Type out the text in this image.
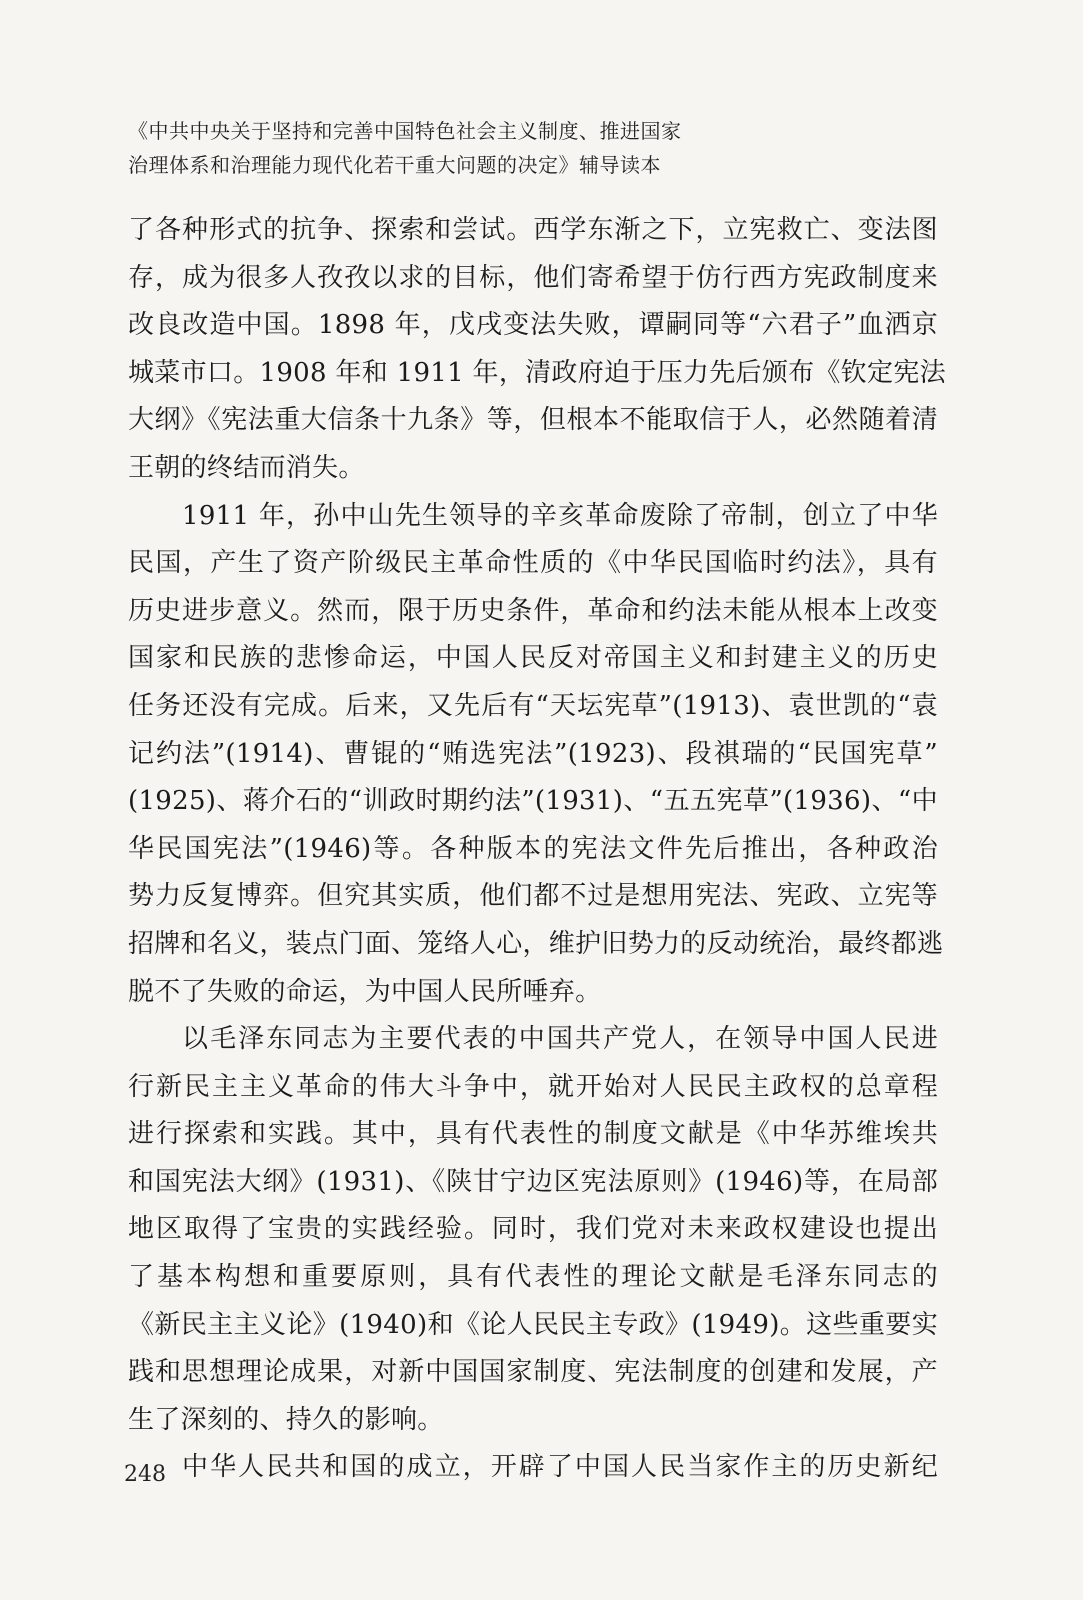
《中共中央关于坚持和完善中国特色社会主义制度、推进国家
治理体系和治理能力现代化若干重大问题的决定》辅导读本
了各种形式的抗争、探索和尝试。西学东渐之下，立宪救亡、变法图
存，成为很多人孜孜以求的目标，他们寄希望于仿行西方宪政制度来
改良改造中国。1898 年，戊戌变法失败，谭嗣同等“六君子”血洒京
城菜市口。1908 年和 1911 年，清政府迫于压力先后颁布《钦定宪法
大纲》《宪法重大信条十九条》等，但根本不能取信于人，必然随着清
王朝的终结而消失。
1911 年，孙中山先生领导的辛亥革命废除了帝制，创立了中华
民国，产生了资产阶级民主革命性质的《中华民国临时约法》，具有
历史进步意义。然而，限于历史条件，革命和约法未能从根本上改变
国家和民族的悲惨命运，中国人民反对帝国主义和封建主义的历史
任务还没有完成。后来，又先后有“天坛宪草”(1913)、袁世凯的“袁
记约法”(1914)、曹锟的“贿选宪法”(1923)、段祺瑞的“民国宪草”
(1925)、蒋介石的“训政时期约法”(1931)、“五五宪草”(1936)、“中
华民国宪法”(1946)等。各种版本的宪法文件先后推出，各种政治
势力反复博弈。但究其实质，他们都不过是想用宪法、宪政、立宪等
招牌和名义，装点门面、笼络人心，维护旧势力的反动统治，最终都逃
脱不了失败的命运，为中国人民所唾弃。
以毛泽东同志为主要代表的中国共产党人，在领导中国人民进
行新民主主义革命的伟大斗争中，就开始对人民民主政权的总章程
进行探索和实践。其中，具有代表性的制度文献是《中华苏维埃共
和国宪法大纲》(1931)、《陕甘宁边区宪法原则》(1946)等，在局部
地区取得了宝贵的实践经验。同时，我们党对未来政权建设也提出
了基本构想和重要原则，具有代表性的理论文献是毛泽东同志的
《新民主主义论》(1940)和《论人民民主专政》(1949)。这些重要实
践和思想理论成果，对新中国国家制度、宪法制度的创建和发展，产
生了深刻的、持久的影响。
中华人民共和国的成立，开辟了中国人民当家作主的历史新纪
248
